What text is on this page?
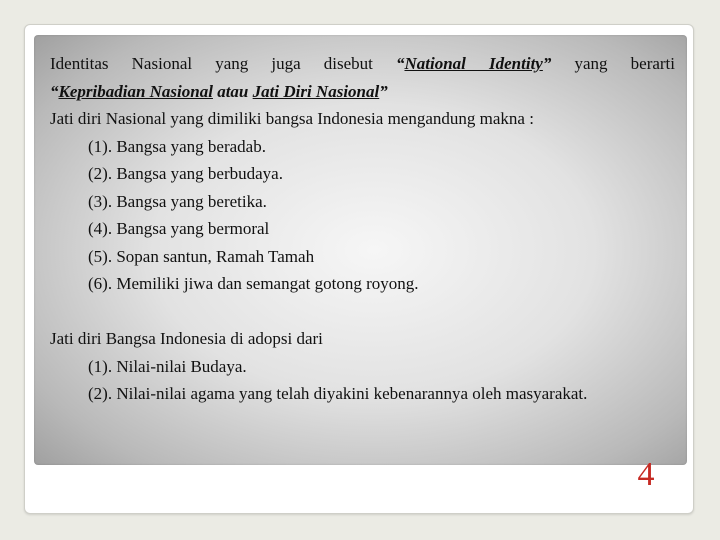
Identitas Nasional yang juga disebut “National Identity” yang berarti
“Kepribadian Nasional atau Jati Diri Nasional”
Jati diri Nasional yang dimiliki bangsa Indonesia mengandung makna :
(1). Bangsa yang beradab.
(2). Bangsa yang berbudaya.
(3). Bangsa yang beretika.
(4). Bangsa yang bermoral
(5). Sopan santun, Ramah Tamah
(6). Memiliki jiwa dan semangat gotong royong.
Jati diri Bangsa Indonesia di adopsi dari
(1). Nilai-nilai Budaya.
(2). Nilai-nilai agama yang telah diyakini kebenarannya oleh masyarakat.
4
